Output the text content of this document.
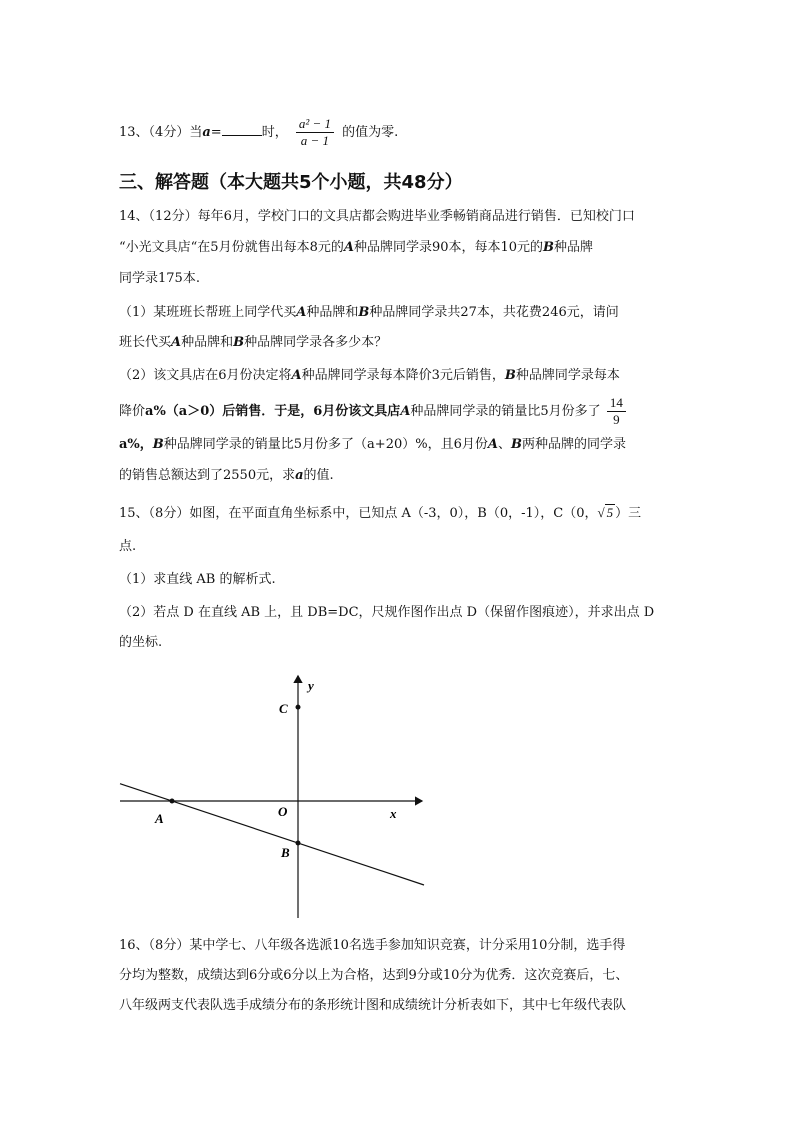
13、（4分）当a=	时， $\frac{\text{a² − 1}}{a - 1}$ 的值为零.
三、解答题（本大题共5个小题，共48分）
14、（12分）每年6月，学校门口的文具店都会购进毕业季畅销商品进行销售．已知校门口
“小光文具店“在5月份就售出每本8元的A种品牌同学录90本，每本10元的B种品牌
同学录175本.
（1）某班班长帮班上同学代买A种品牌和B种品牌同学录共27本，共花费246元，请问
班长代买A种品牌和B种品牌同学录各多少本？
（2）该文具店在6月份决定将A种品牌同学录每本降价3元后销售，B种品牌同学录每本
降价a%（a＞0）后销售．于是，6月份该文具店A种品牌同学录的销量比5月份多了 $\frac{14}{9}$
a%，B种品牌同学录的销量比5月份多了（a+20）%，且6月份A、B两种品牌的同学录
的销售总额达到了2550元，求a的值.
15、（8分）如图，在平面直角坐标系中，已知点 A（-3，0），B（0，-1），C（0，√ 5 ）三
点.
（1）求直线 AB 的解析式.
（2）若点 D 在直线 AB 上，且 DB=DC，尺规作图作出点 D（保留作图痕迹），并求出点 D
的坐标.
y
x
O
A
B
C
16、（8分）某中学七、八年级各选派10名选手参加知识竞赛，计分采用10分制，选手得
分均为整数，成绩达到6分或6分以上为合格，达到9分或10分为优秀．这次竞赛后，七、
八年级两支代表队选手成绩分布的条形统计图和成绩统计分析表如下，其中七年级代表队
